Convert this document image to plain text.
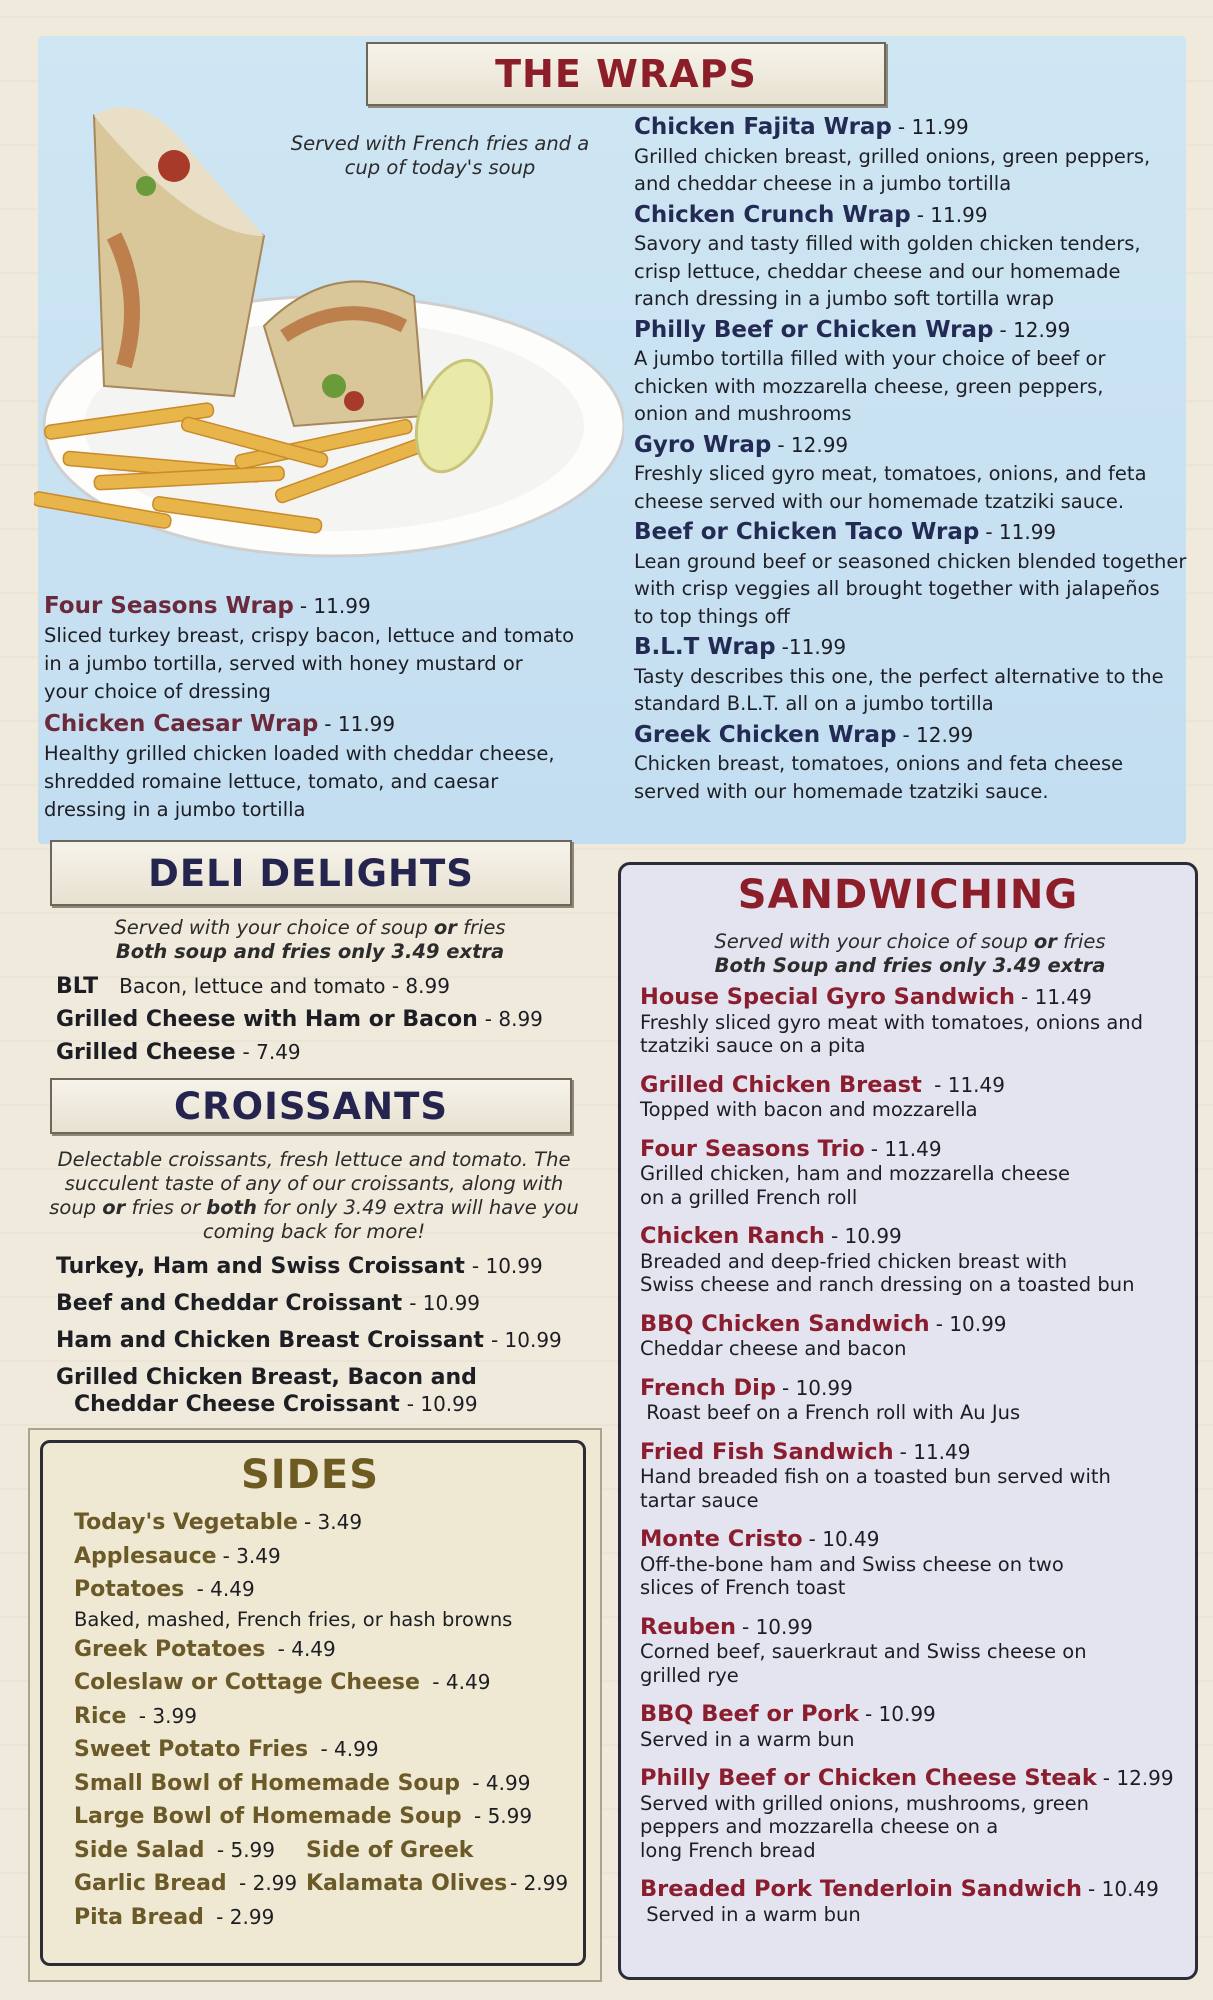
THE WRAPS
Served with French fries and a
cup of today's soup
Chicken Fajita Wrap - 11.99
Grilled chicken breast, grilled onions, green peppers,
and cheddar cheese in a jumbo tortilla
Chicken Crunch Wrap - 11.99
Savory and tasty filled with golden chicken tenders,
crisp lettuce, cheddar cheese and our homemade
ranch dressing in a jumbo soft tortilla wrap
Philly Beef or Chicken Wrap - 12.99
A jumbo tortilla filled with your choice of beef or
chicken with mozzarella cheese, green peppers,
onion and mushrooms
Gyro Wrap - 12.99
Freshly sliced gyro meat, tomatoes, onions, and feta
cheese served with our homemade tzatziki sauce.
Beef or Chicken Taco Wrap - 11.99
Lean ground beef or seasoned chicken blended together
with crisp veggies all brought together with jalapeños
to top things off
B.L.T Wrap -11.99
Tasty describes this one, the perfect alternative to the
standard B.L.T. all on a jumbo tortilla
Greek Chicken Wrap - 12.99
Chicken breast, tomatoes, onions and feta cheese
served with our homemade tzatziki sauce.
Four Seasons Wrap - 11.99
Sliced turkey breast, crispy bacon, lettuce and tomato
in a jumbo tortilla, served with honey mustard or
your choice of dressing
Chicken Caesar Wrap - 11.99
Healthy grilled chicken loaded with cheddar cheese,
shredded romaine lettuce, tomato, and caesar
dressing in a jumbo tortilla
DELI DELIGHTS
Served with your choice of soup or fries
Both soup and fries only 3.49 extra
BLT Bacon, lettuce and tomato - 8.99
Grilled Cheese with Ham or Bacon - 8.99
Grilled Cheese - 7.49
CROISSANTS
Delectable croissants, fresh lettuce and tomato. The
succulent taste of any of our croissants, along with
soup or fries or both for only 3.49 extra will have you
coming back for more!
Turkey, Ham and Swiss Croissant - 10.99
Beef and Cheddar Croissant - 10.99
Ham and Chicken Breast Croissant - 10.99
Grilled Chicken Breast, Bacon and
Cheddar Cheese Croissant - 10.99
SIDES
Today's Vegetable - 3.49
Applesauce - 3.49
Potatoes - 4.49
Baked, mashed, French fries, or hash browns
Greek Potatoes - 4.49
Coleslaw or Cottage Cheese - 4.49
Rice - 3.99
Sweet Potato Fries - 4.99
Small Bowl of Homemade Soup - 4.99
Large Bowl of Homemade Soup - 5.99
Side Salad - 5.99 Side of Greek
Garlic Bread - 2.99 Kalamata Olives - 2.99
Pita Bread - 2.99
SANDWICHING
Served with your choice of soup or fries
Both Soup and fries only 3.49 extra
House Special Gyro Sandwich - 11.49
Freshly sliced gyro meat with tomatoes, onions and
tzatziki sauce on a pita
Grilled Chicken Breast - 11.49
Topped with bacon and mozzarella
Four Seasons Trio - 11.49
Grilled chicken, ham and mozzarella cheese
on a grilled French roll
Chicken Ranch - 10.99
Breaded and deep-fried chicken breast with
Swiss cheese and ranch dressing on a toasted bun
BBQ Chicken Sandwich - 10.99
Cheddar cheese and bacon
French Dip - 10.99
Roast beef on a French roll with Au Jus
Fried Fish Sandwich - 11.49
Hand breaded fish on a toasted bun served with
tartar sauce
Monte Cristo - 10.49
Off-the-bone ham and Swiss cheese on two
slices of French toast
Reuben - 10.99
Corned beef, sauerkraut and Swiss cheese on
grilled rye
BBQ Beef or Pork - 10.99
Served in a warm bun
Philly Beef or Chicken Cheese Steak - 12.99
Served with grilled onions, mushrooms, green
peppers and mozzarella cheese on a
long French bread
Breaded Pork Tenderloin Sandwich - 10.49
Served in a warm bun
